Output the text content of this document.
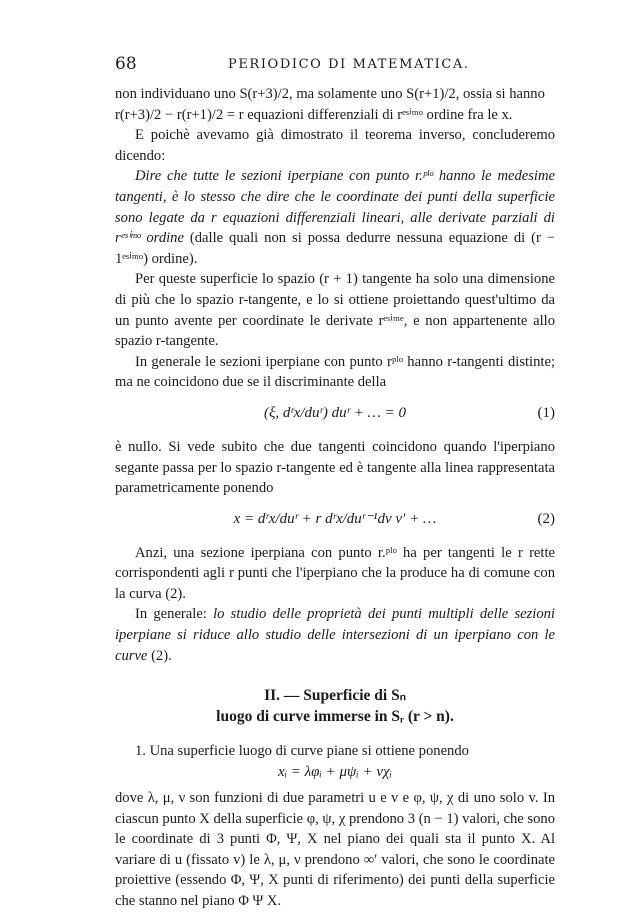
68	PERIODICO DI MATEMATICA.

non individuano uno S(r+3)/2, ma solamente uno S(r+1)/2, ossia si hanno

r(r+3)/2 − r(r+1)/2 = r equazioni differenziali di rᵉˢⁱᵐᵒ ordine fra le x.

E poichè avevamo già dimostrato il teorema inverso, concluderemo dicendo:

Dire che tutte le sezioni iperpiane con punto r.ᵖˡᵒ hanno le medesime tangenti, è lo stesso che dire che le coordinate dei punti della superficie sono legate da r equazioni differenziali lineari, alle derivate parziali di rᵉˢⁱᵐᵒ ordine (dalle quali non si possa dedurre nessuna equazione di (r − 1ᵉˢⁱᵐᵒ) ordine).

Per queste superficie lo spazio (r + 1) tangente ha solo una dimensione di più che lo spazio r-tangente, e lo si ottiene proiettando quest'ultimo da un punto avente per coordinate le derivate rᵉˢⁱᵐᵉ, e non appartenente allo spazio r-tangente.

In generale le sezioni iperpiane con punto rᵖˡᵒ hanno r-tangenti distinte; ma ne coincidono due se il discriminante della

(ξ, dʳx/duʳ) duʳ + … = 0	(1)

è nullo. Si vede subito che due tangenti coincidono quando l'iperpiano segante passa per lo spazio r-tangente ed è tangente alla linea rappresentata parametricamente ponendo

x = dʳx/duʳ + r dʳx/duʳ⁻¹dv v′ + …	(2)

Anzi, una sezione iperpiana con punto r.ᵖˡᵒ ha per tangenti le r rette corrispondenti agli r punti che l'iperpiano che la produce ha di comune con la curva (2).

In generale: lo studio delle proprietà dei punti multipli delle sezioni iperpiane si riduce allo studio delle intersezioni di un iperpiano con le curve (2).

II. — Superficie di Sₙ
luogo di curve immerse in Sᵣ (r > n).

1. Una superficie luogo di curve piane si ottiene ponendo

xᵢ = λφᵢ + μψᵢ + νχᵢ

dove λ, μ, ν son funzioni di due parametri u e v e φ, ψ, χ di uno solo v. In ciascun punto X della superficie φ, ψ, χ prendono 3 (n − 1) valori, che sono le coordinate di 3 punti Φ, Ψ, X nel piano dei quali sta il punto X. Al variare di u (fissato v) le λ, μ, ν prendono ∞′ valori, che sono le coordinate proiettive (essendo Φ, Ψ, X punti di riferimento) dei punti della superficie che stanno nel piano Φ Ψ X.
